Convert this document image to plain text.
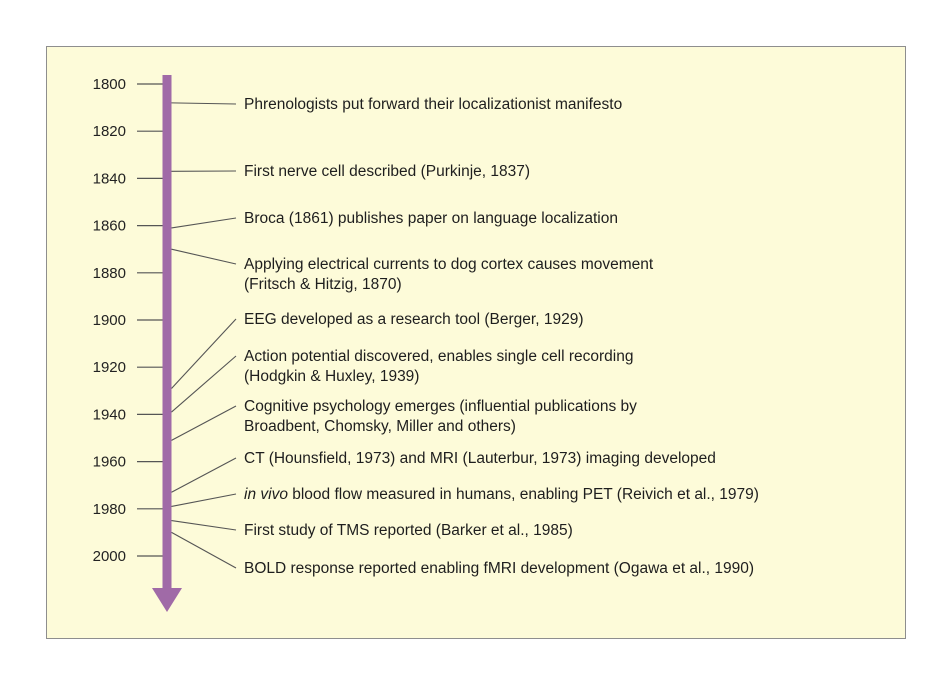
1800
1820
1840
1860
1880
1900
1920
1940
1960
1980
2000
Phrenologists put forward their localizationist manifesto
First nerve cell described (Purkinje, 1837)
Broca (1861) publishes paper on language localization
Applying electrical currents to dog cortex causes movement
(Fritsch & Hitzig, 1870)
EEG developed as a research tool (Berger, 1929)
Action potential discovered, enables single cell recording
(Hodgkin & Huxley, 1939)
Cognitive psychology emerges (influential publications by
Broadbent, Chomsky, Miller and others)
CT (Hounsfield, 1973) and MRI (Lauterbur, 1973) imaging developed
in vivo blood flow measured in humans, enabling PET (Reivich et al., 1979)
First study of TMS reported (Barker et al., 1985)
BOLD response reported enabling fMRI development (Ogawa et al., 1990)
